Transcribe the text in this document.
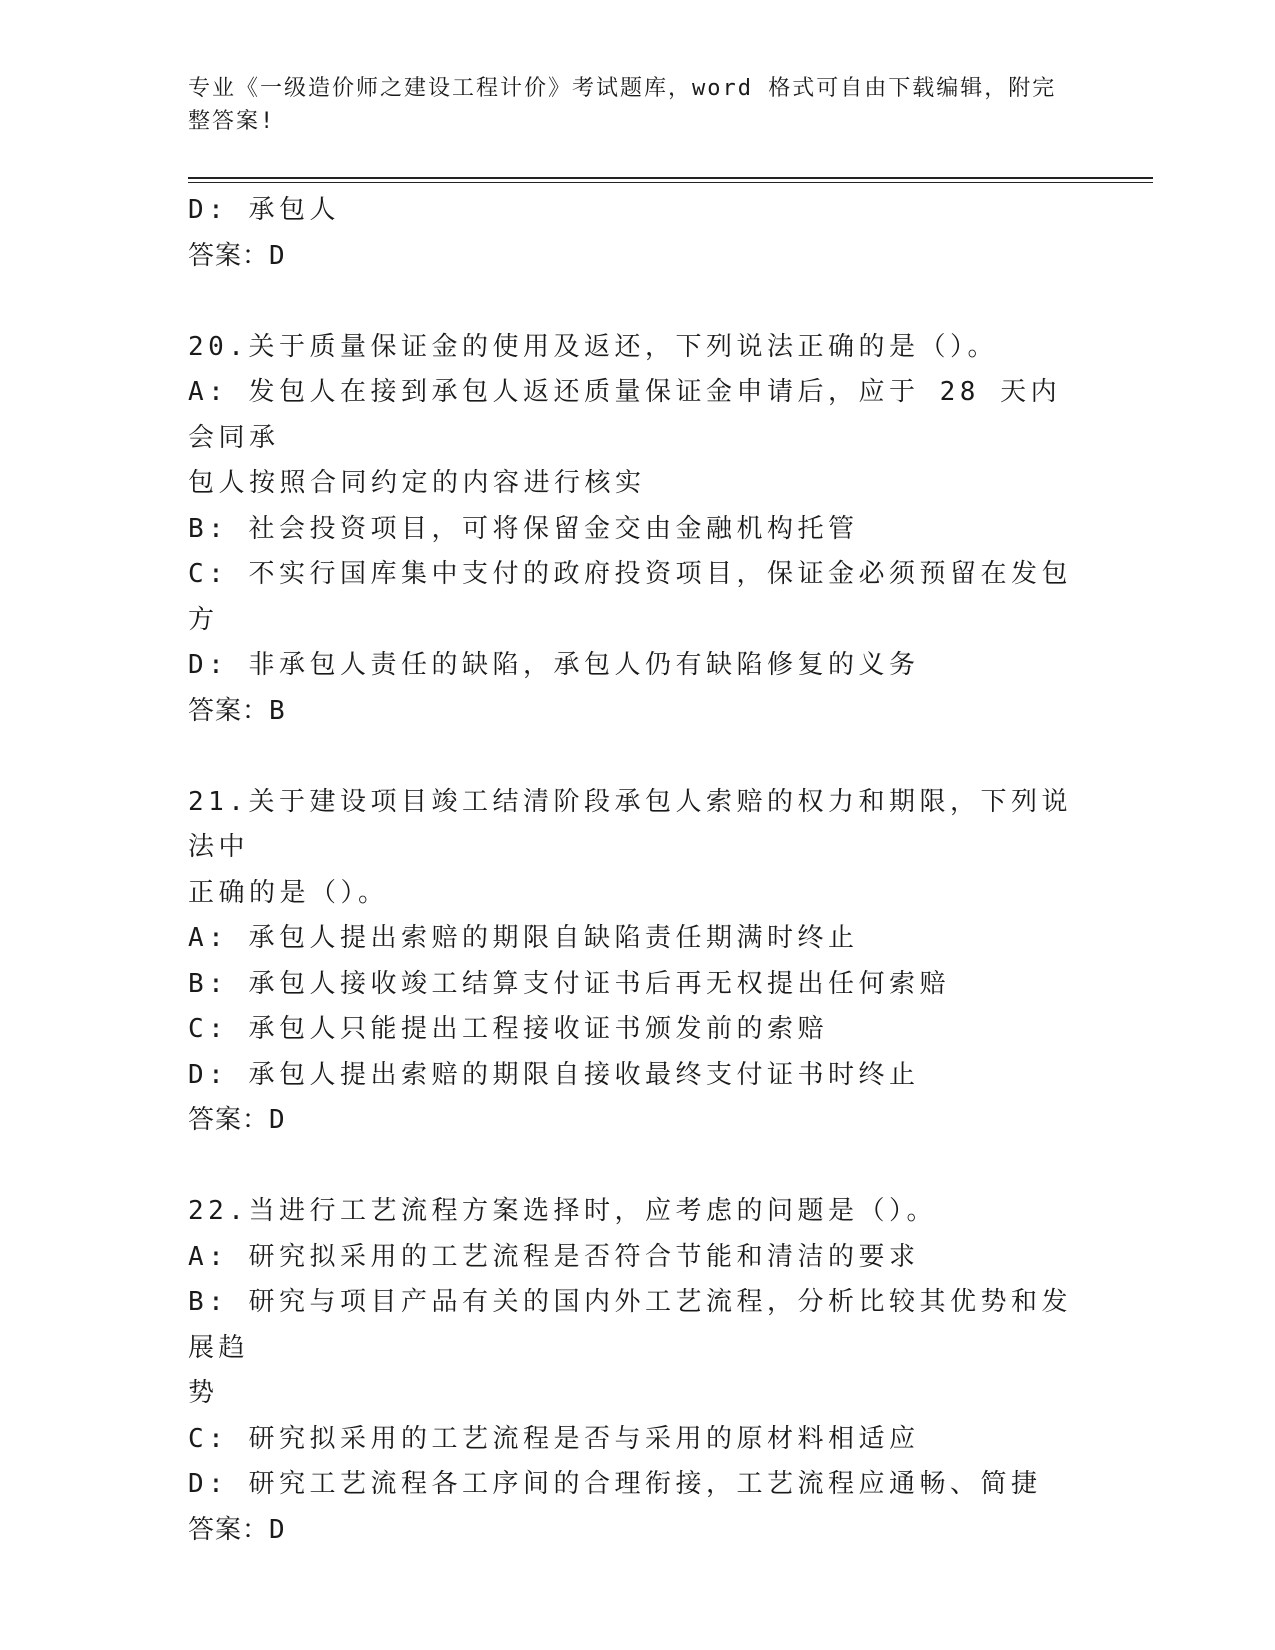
专业《一级造价师之建设工程计价》考试题库，word 格式可自由下载编辑，附完
整答案!
D: 承包人
答案：D
20.关于质量保证金的使用及返还，下列说法正确的是（）。
A: 发包人在接到承包人返还质量保证金申请后，应于 28 天内会同承
包人按照合同约定的内容进行核实
B: 社会投资项目，可将保留金交由金融机构托管
C: 不实行国库集中支付的政府投资项目，保证金必须预留在发包方
D: 非承包人责任的缺陷，承包人仍有缺陷修复的义务
答案：B
21.关于建设项目竣工结清阶段承包人索赔的权力和期限，下列说法中
正确的是（）。
A: 承包人提出索赔的期限自缺陷责任期满时终止
B: 承包人接收竣工结算支付证书后再无权提出任何索赔
C: 承包人只能提出工程接收证书颁发前的索赔
D: 承包人提出索赔的期限自接收最终支付证书时终止
答案：D
22.当进行工艺流程方案选择时，应考虑的问题是（）。
A: 研究拟采用的工艺流程是否符合节能和清洁的要求
B: 研究与项目产品有关的国内外工艺流程，分析比较其优势和发展趋
势
C: 研究拟采用的工艺流程是否与采用的原材料相适应
D: 研究工艺流程各工序间的合理衔接，工艺流程应通畅、简捷
答案：D
